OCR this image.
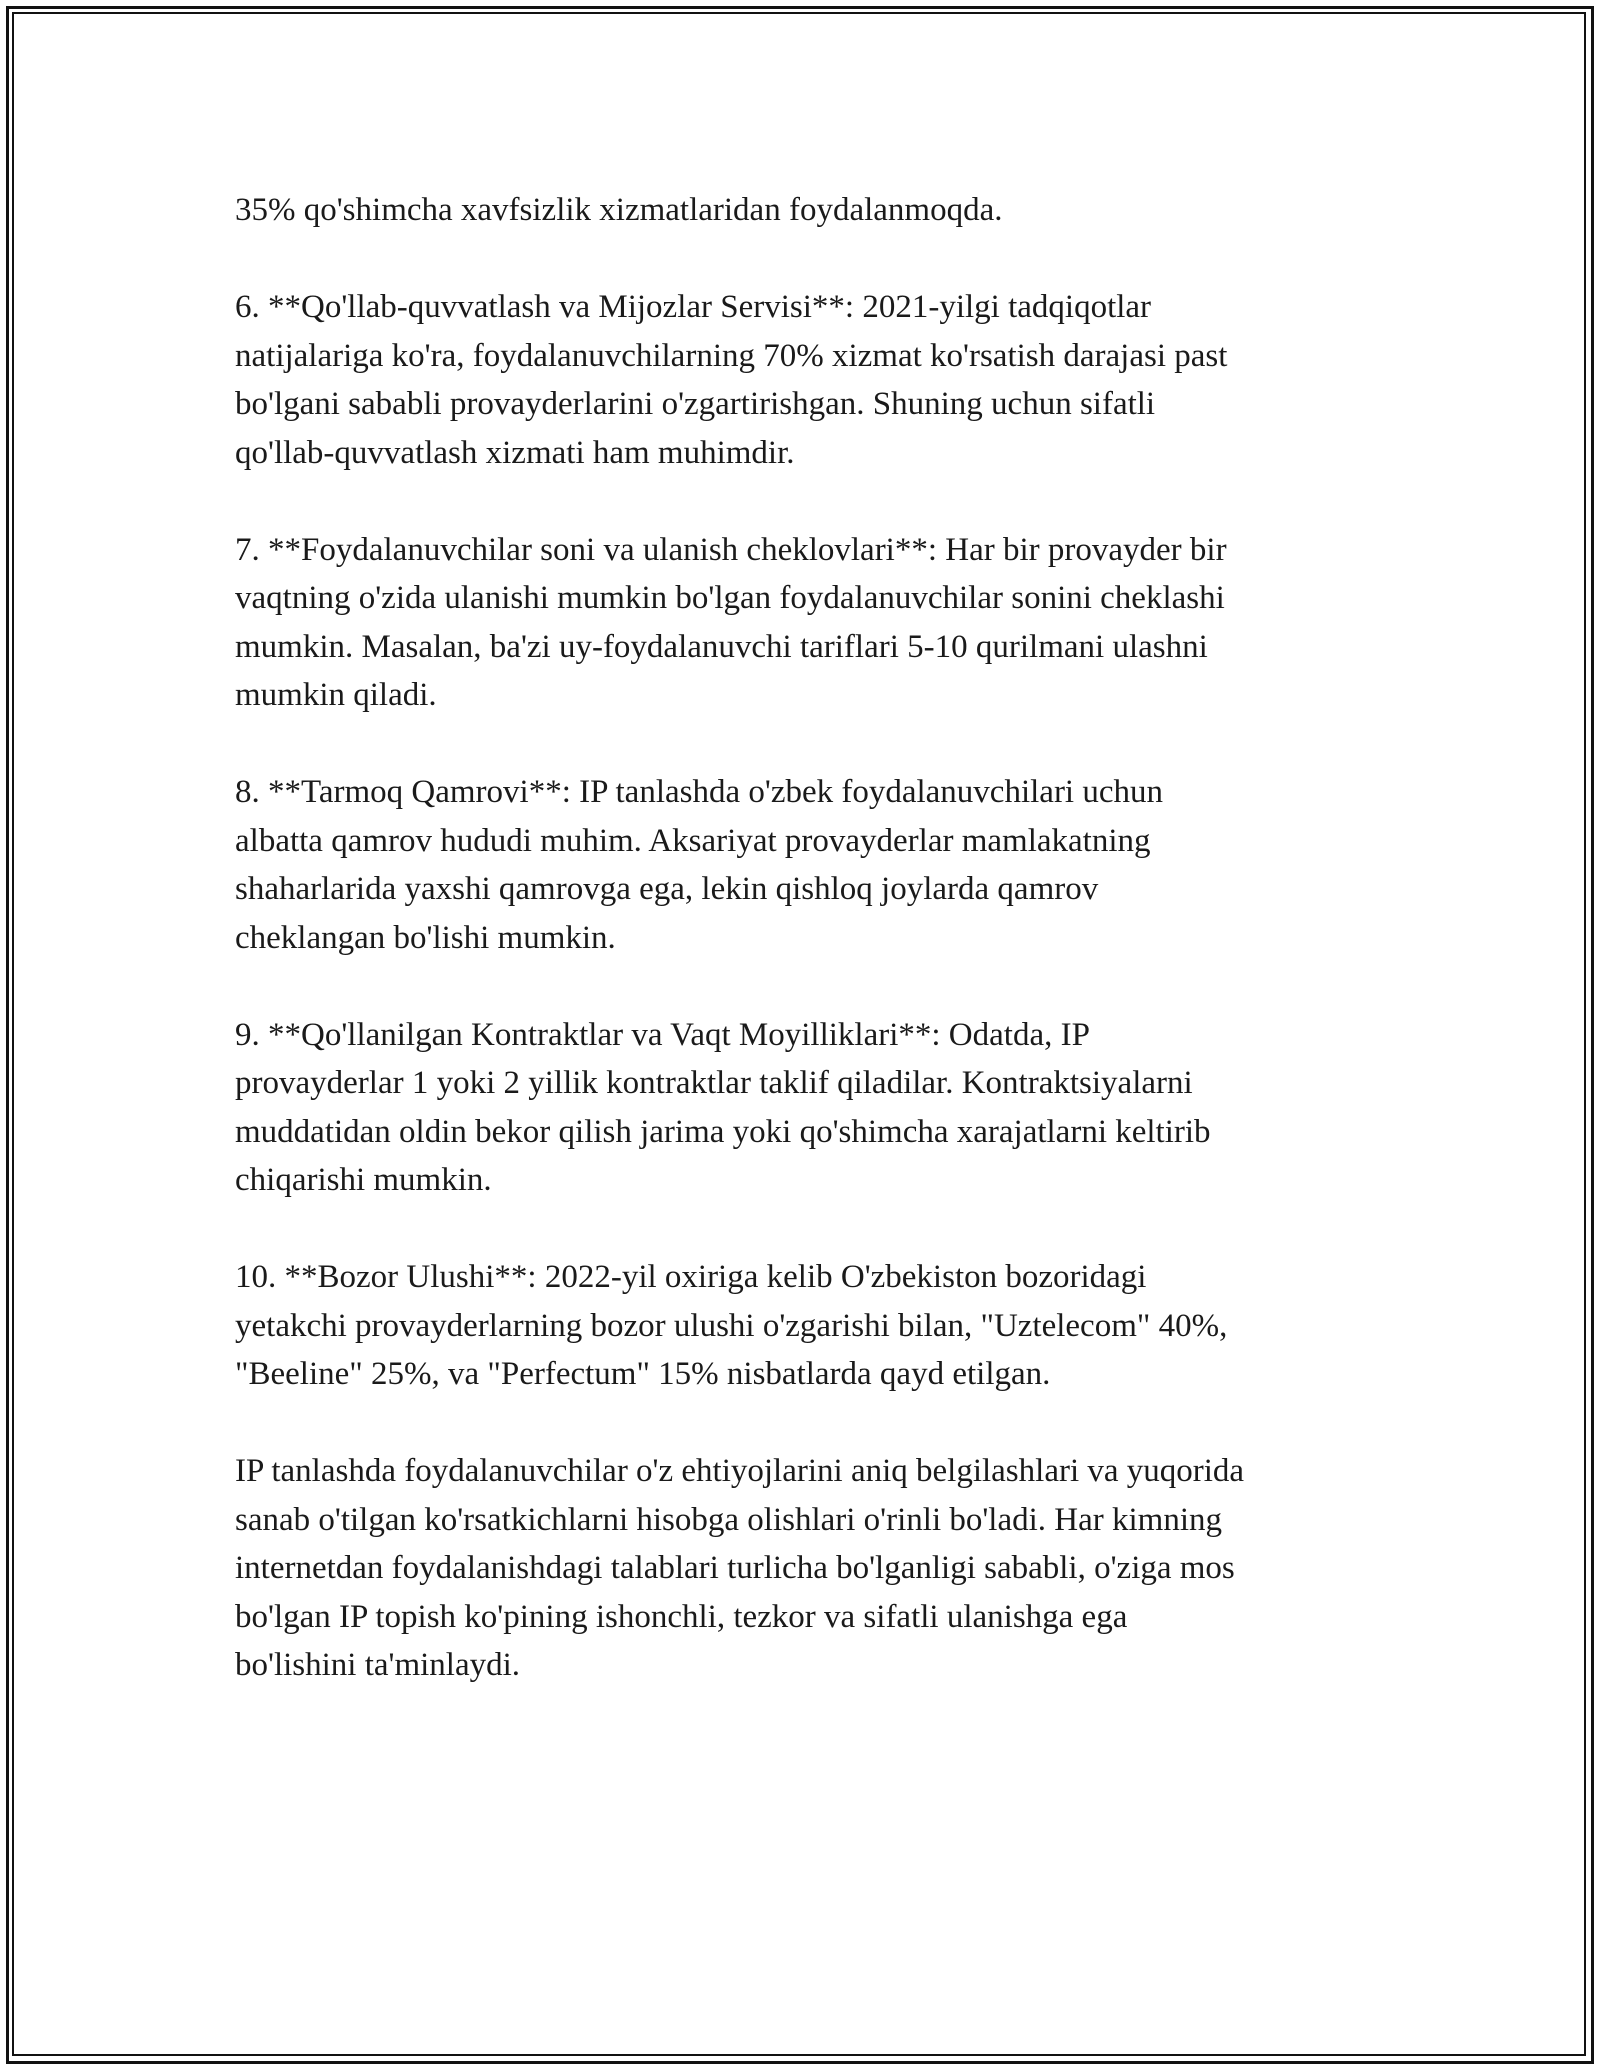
35% qo'shimcha xavfsizlik xizmatlaridan foydalanmoqda.

6. **Qo'llab-quvvatlash va Mijozlar Servisi**: 2021-yilgi tadqiqotlar
natijalariga ko'ra, foydalanuvchilarning 70% xizmat ko'rsatish darajasi past
bo'lgani sababli provayderlarini o'zgartirishgan. Shuning uchun sifatli
qo'llab-quvvatlash xizmati ham muhimdir.

7. **Foydalanuvchilar soni va ulanish cheklovlari**: Har bir provayder bir
vaqtning o'zida ulanishi mumkin bo'lgan foydalanuvchilar sonini cheklashi
mumkin. Masalan, ba'zi uy-foydalanuvchi tariflari 5-10 qurilmani ulashni
mumkin qiladi.

8. **Tarmoq Qamrovi**: IP tanlashda o'zbek foydalanuvchilari uchun
albatta qamrov hududi muhim. Aksariyat provayderlar mamlakatning
shaharlarida yaxshi qamrovga ega, lekin qishloq joylarda qamrov
cheklangan bo'lishi mumkin.

9. **Qo'llanilgan Kontraktlar va Vaqt Moyilliklari**: Odatda, IP
provayderlar 1 yoki 2 yillik kontraktlar taklif qiladilar. Kontraktsiyalarni
muddatidan oldin bekor qilish jarima yoki qo'shimcha xarajatlarni keltirib
chiqarishi mumkin.

10. **Bozor Ulushi**: 2022-yil oxiriga kelib O'zbekiston bozoridagi
yetakchi provayderlarning bozor ulushi o'zgarishi bilan, "Uztelecom" 40%,
"Beeline" 25%, va "Perfectum" 15% nisbatlarda qayd etilgan.

IP tanlashda foydalanuvchilar o'z ehtiyojlarini aniq belgilashlari va yuqorida
sanab o'tilgan ko'rsatkichlarni hisobga olishlari o'rinli bo'ladi. Har kimning
internetdan foydalanishdagi talablari turlicha bo'lganligi sababli, o'ziga mos
bo'lgan IP topish ko'pining ishonchli, tezkor va sifatli ulanishga ega
bo'lishini ta'minlaydi.
